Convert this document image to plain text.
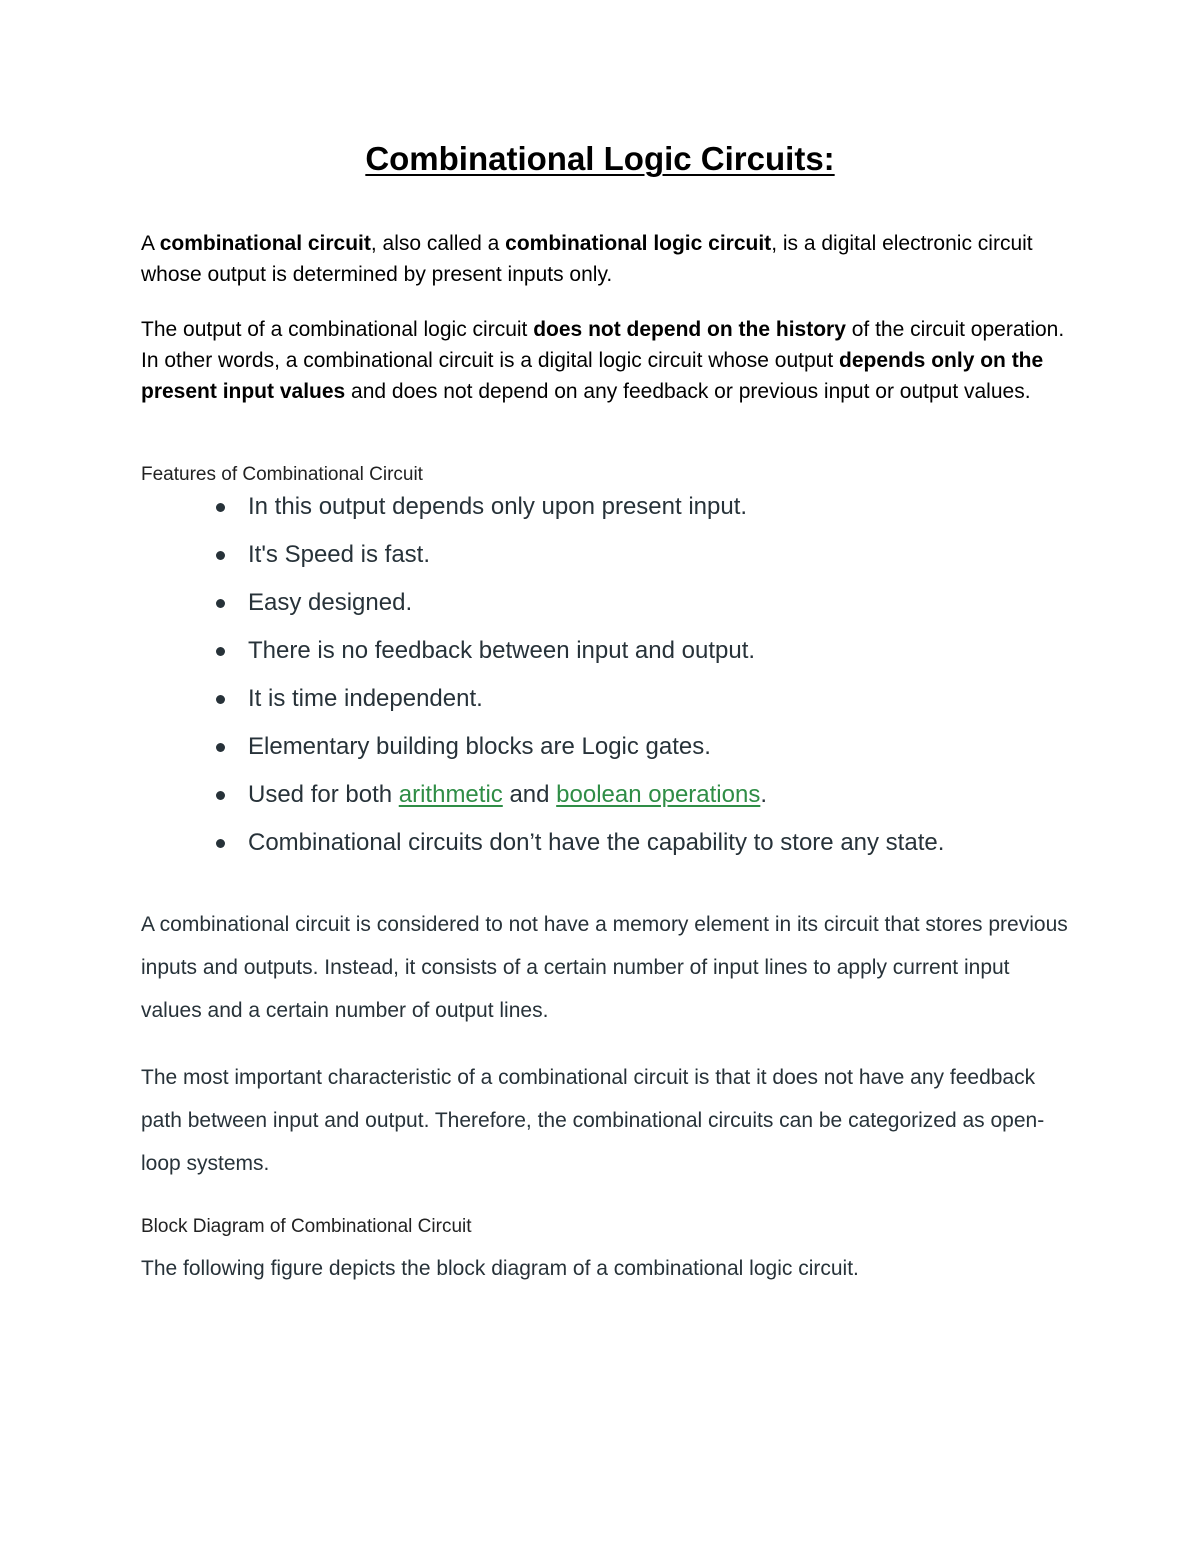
Combinational Logic Circuits:

A combinational circuit, also called a combinational logic circuit, is a digital electronic circuit whose output is determined by present inputs only.

The output of a combinational logic circuit does not depend on the history of the circuit operation. In other words, a combinational circuit is a digital logic circuit whose output depends only on the present input values and does not depend on any feedback or previous input or output values.

Features of Combinational Circuit

In this output depends only upon present input.
It's Speed is fast.
Easy designed.
There is no feedback between input and output.
It is time independent.
Elementary building blocks are Logic gates.
Used for both arithmetic and boolean operations.
Combinational circuits don’t have the capability to store any state.

A combinational circuit is considered to not have a memory element in its circuit that stores previous inputs and outputs. Instead, it consists of a certain number of input lines to apply current input values and a certain number of output lines.

The most important characteristic of a combinational circuit is that it does not have any feedback path between input and output. Therefore, the combinational circuits can be categorized as open-loop systems.

Block Diagram of Combinational Circuit

The following figure depicts the block diagram of a combinational logic circuit.
